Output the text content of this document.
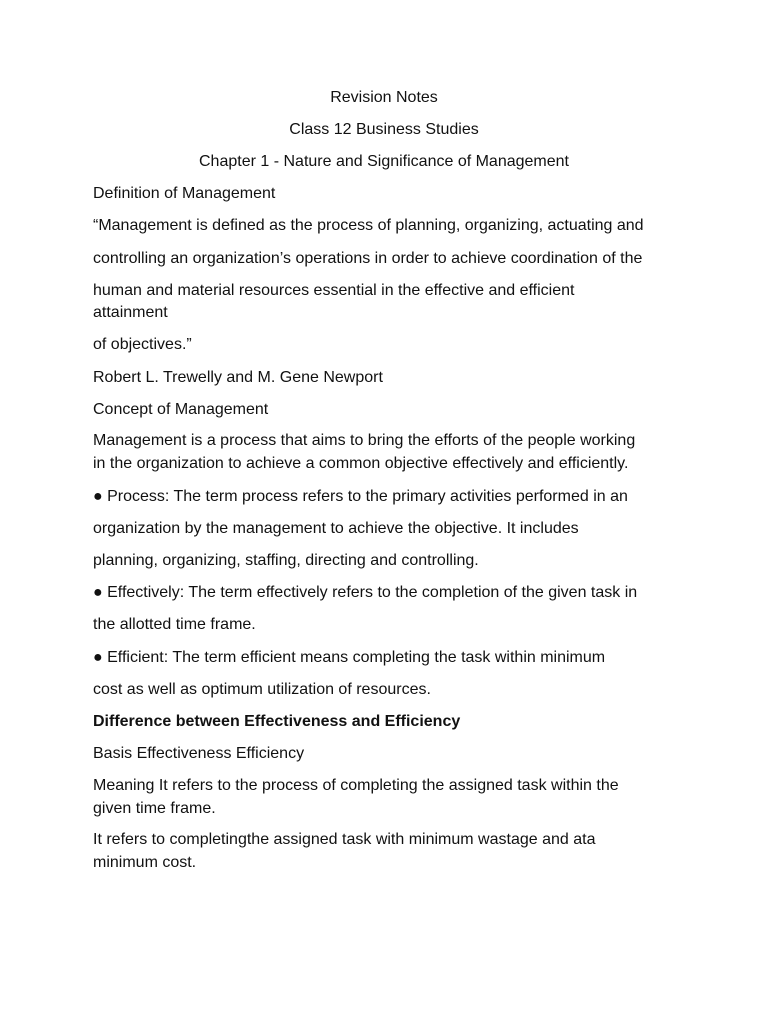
Revision Notes

Class 12 Business Studies

Chapter 1 - Nature and Significance of Management

Definition of Management

“Management is defined as the process of planning, organizing, actuating and

controlling an organization’s operations in order to achieve coordination of the

human and material resources essential in the effective and efficient

attainment

of objectives.”

Robert L. Trewelly and M. Gene Newport

Concept of Management

Management is a process that aims to bring the efforts of the people working

in the organization to achieve a common objective effectively and efficiently.

● Process: The term process refers to the primary activities performed in an

organization by the management to achieve the objective. It includes

planning, organizing, staffing, directing and controlling.

● Effectively: The term effectively refers to the completion of the given task in

the allotted time frame.

● Efficient: The term efficient means completing the task within minimum

cost as well as optimum utilization of resources.

Difference between Effectiveness and Efficiency

Basis Effectiveness Efficiency

Meaning It refers to the process of completing the assigned task within the

given time frame.

It refers to completingthe assigned task with minimum wastage and ata

minimum cost.
